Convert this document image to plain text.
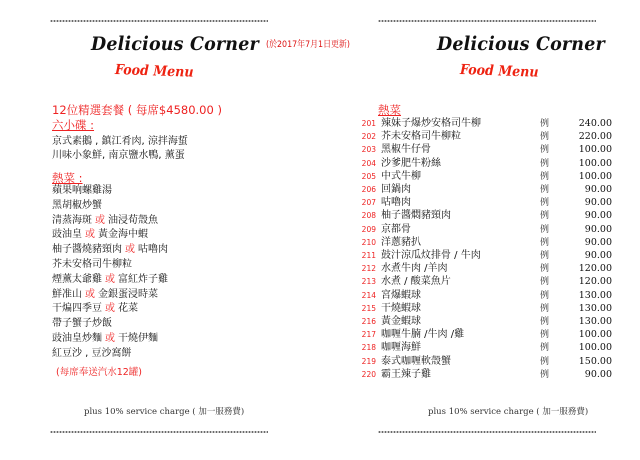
Delicious Corner (於2017年7月1日更新)
Food Menu
12位精選套餐 ( 每席$4580.00 )
六小碟 :
京式素鵝 , 鎮江肴肉, 涼拌海蜇
川味小象鮮, 南京鹽水鴨, 薰蛋
熱菜 :
蘋果响螺雞湯
黑胡椒炒蟹
清蒸海斑 或 油浸荀殼魚
豉油皇 或 黃金海中蝦
柚子醬燒豬頸肉 或 咕嚕肉
芥未安格司牛柳粒
煙薰太爺雞 或 富紅炸子雞
鮮准山 或 金銀蛋浸時菜
干煸四季豆 或 花菜
帶子蟹子炒飯
豉油皇炒麵 或 干燒伊麵
紅豆沙 , 豆沙窩餅
(每席奉送汽水12罐)
plus 10% service charge ( 加一服務費)
Delicious Corner
Food Menu
熱菜
201 辣妹子爆炒安格司牛柳	例	240.00
202 芥未安格司牛柳粒	例	220.00
203 黑椒牛仔骨	例	100.00
204 沙爹肥牛粉絲	例	100.00
205 中式牛柳	例	100.00
206 回鍋肉	例	90.00
207 咕嚕肉	例	90.00
208 柚子醬燜豬頸肉	例	90.00
209 京都骨	例	90.00
210 洋蔥豬扒	例	90.00
211 鼓汁涼瓜炆排骨 / 牛肉	例	90.00
212 水煮牛肉 /羊肉	例	120.00
213 水煮 / 酸菜魚片	例	120.00
214 宮爆蝦球	例	130.00
215 干燒蝦球	例	130.00
216 黃金蝦球	例	130.00
217 咖喱牛腩 /牛肉 /雞	例	100.00
218 咖喱海鮮	例	100.00
219 泰式咖喱軟殼蟹	例	150.00
220 霸王辣子雞	例	90.00
plus 10% service charge ( 加一服務費)
